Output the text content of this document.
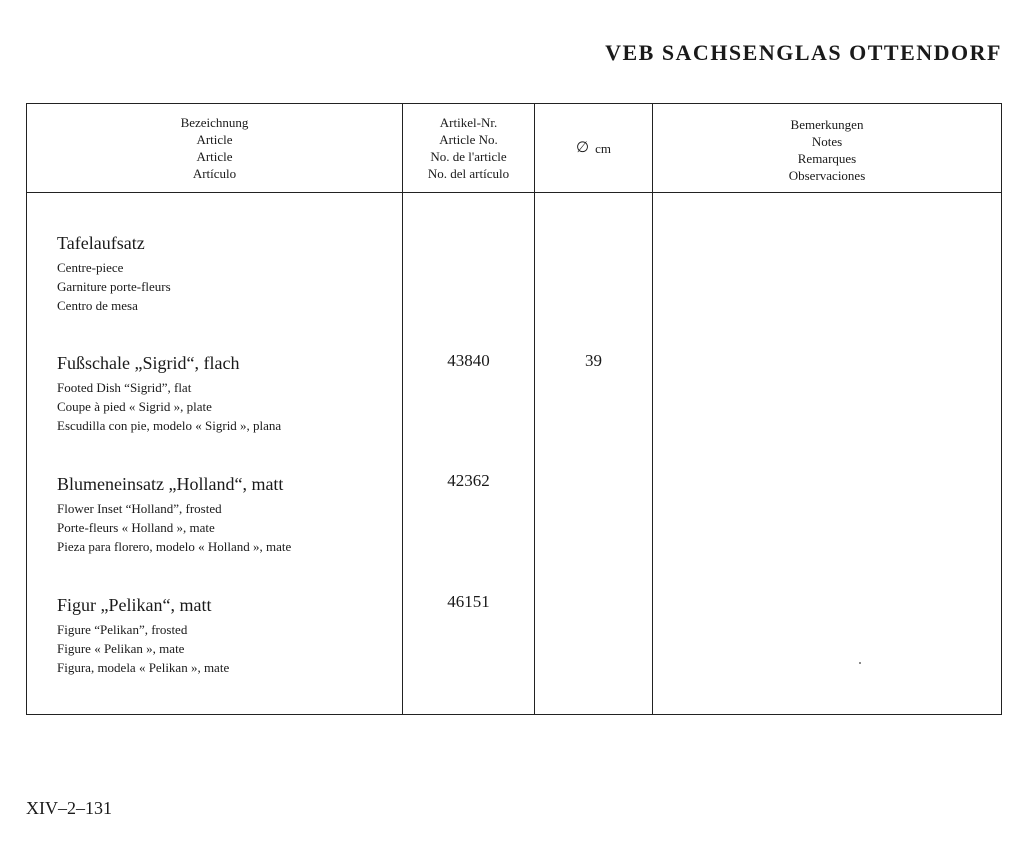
VEB SACHSENGLAS OTTENDORF
Bezeichnung
Article
Article
Artículo
Artikel-Nr.
Article No.
No. de l'article
No. del artículo
∅ cm
Bemerkungen
Notes
Remarques
Observaciones
Tafelaufsatz
Centre-piece
Garniture porte-fleurs
Centro de mesa
Fußschale „Sigrid“, flach
Footed Dish “Sigrid”, flat
Coupe à pied « Sigrid », plate
Escudilla con pie, modelo « Sigrid », plana
43840	39
Blumeneinsatz „Holland“, matt
Flower Inset “Holland”, frosted
Porte-fleurs « Holland », mate
Pieza para florero, modelo « Holland », mate
42362
Figur „Pelikan“, matt
Figure “Pelikan”, frosted
Figure « Pelikan », mate
Figura, modela « Pelikan », mate
46151

XIV–2–131
